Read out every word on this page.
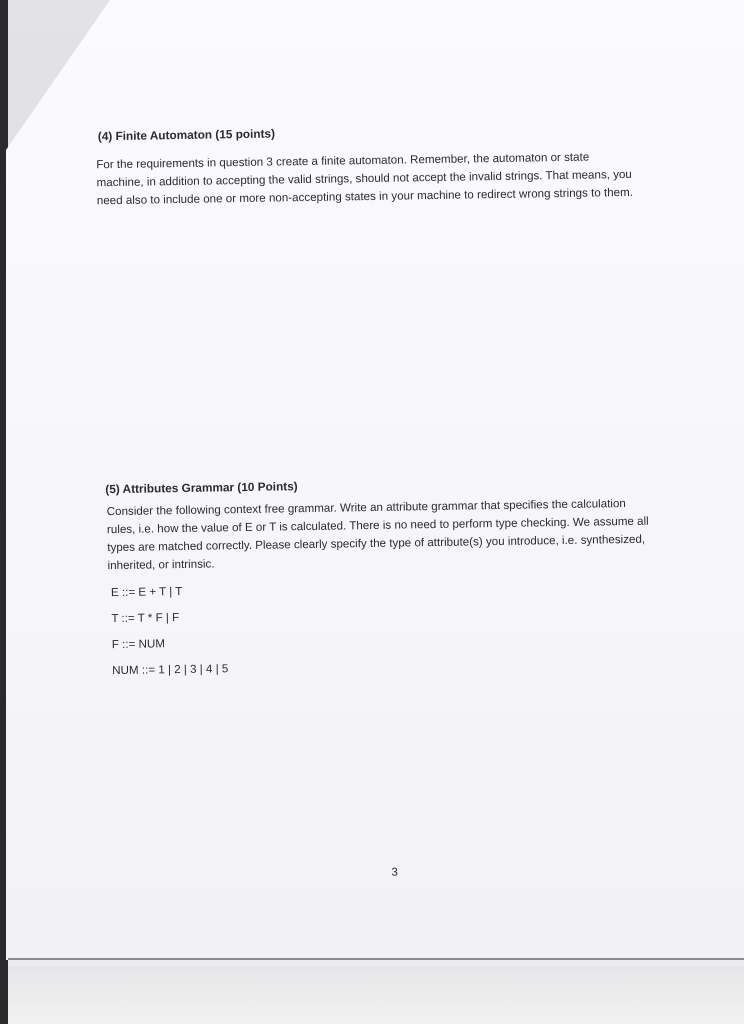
(4) Finite Automaton (15 points)
For the requirements in question 3 create a finite automaton. Remember, the automaton or state
machine, in addition to accepting the valid strings, should not accept the invalid strings. That means, you
need also to include one or more non-accepting states in your machine to redirect wrong strings to them.
(5) Attributes Grammar (10 Points)
Consider the following context free grammar. Write an attribute grammar that specifies the calculation
rules, i.e. how the value of E or T is calculated. There is no need to perform type checking. We assume all
types are matched correctly. Please clearly specify the type of attribute(s) you introduce, i.e. synthesized,
inherited, or intrinsic.
E ::= E + T | T
T ::= T * F | F
F ::= NUM
NUM ::= 1 | 2 | 3 | 4 | 5
3
